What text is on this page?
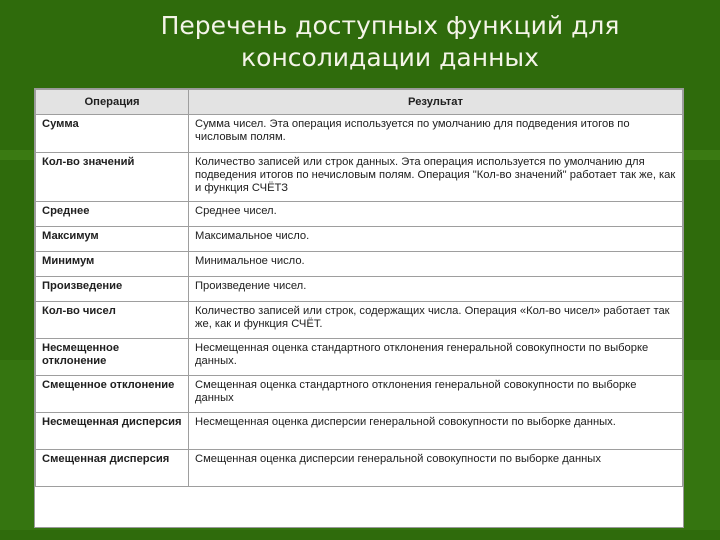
Перечень доступных функций для
консолидации данных
Операция	Результат
Сумма	Сумма чисел. Эта операция используется по умолчанию для подведения итогов по числовым полям.
Кол-во значений	Количество записей или строк данных. Эта операция используется по умолчанию для подведения итогов по нечисловым полям. Операция "Кол-во значений" работает так же, как и функция СЧЁТЗ
Среднее	Среднее чисел.
Максимум	Максимальное число.
Минимум	Минимальное число.
Произведение	Произведение чисел.
Кол-во чисел	Количество записей или строк, содержащих числа. Операция «Кол-во чисел» работает так же, как и функция СЧЁТ.
Несмещенное отклонение	Несмещенная оценка стандартного отклонения генеральной совокупности по выборке данных.
Смещенное отклонение	Смещенная оценка стандартного отклонения генеральной совокупности по выборке данных
Несмещенная дисперсия	Несмещенная оценка дисперсии генеральной совокупности по выборке данных.
Смещенная дисперсия	Смещенная оценка дисперсии генеральной совокупности по выборке данных
